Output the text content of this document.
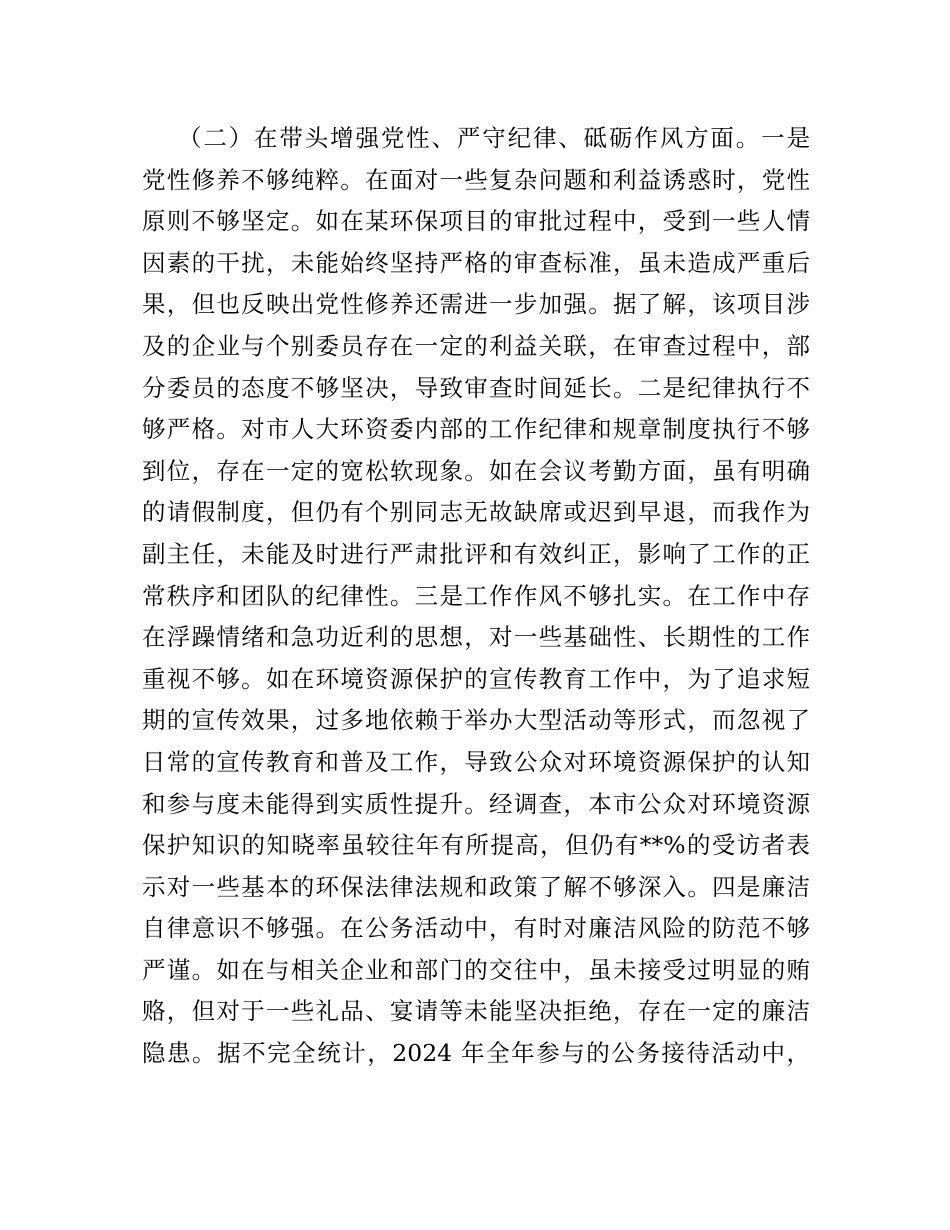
（二）在带头增强党性、严守纪律、砥砺作风方面。一是
党性修养不够纯粹。在面对一些复杂问题和利益诱惑时，党性
原则不够坚定。如在某环保项目的审批过程中，受到一些人情
因素的干扰，未能始终坚持严格的审查标准，虽未造成严重后
果，但也反映出党性修养还需进一步加强。据了解，该项目涉
及的企业与个别委员存在一定的利益关联，在审查过程中，部
分委员的态度不够坚决，导致审查时间延长。二是纪律执行不
够严格。对市人大环资委内部的工作纪律和规章制度执行不够
到位，存在一定的宽松软现象。如在会议考勤方面，虽有明确
的请假制度，但仍有个别同志无故缺席或迟到早退，而我作为
副主任，未能及时进行严肃批评和有效纠正，影响了工作的正
常秩序和团队的纪律性。三是工作作风不够扎实。在工作中存
在浮躁情绪和急功近利的思想，对一些基础性、长期性的工作
重视不够。如在环境资源保护的宣传教育工作中，为了追求短
期的宣传效果，过多地依赖于举办大型活动等形式，而忽视了
日常的宣传教育和普及工作，导致公众对环境资源保护的认知
和参与度未能得到实质性提升。经调查，本市公众对环境资源
保护知识的知晓率虽较往年有所提高，但仍有**%的受访者表
示对一些基本的环保法律法规和政策了解不够深入。四是廉洁
自律意识不够强。在公务活动中，有时对廉洁风险的防范不够
严谨。如在与相关企业和部门的交往中，虽未接受过明显的贿
赂，但对于一些礼品、宴请等未能坚决拒绝，存在一定的廉洁
隐患。据不完全统计，2024 年全年参与的公务接待活动中，
